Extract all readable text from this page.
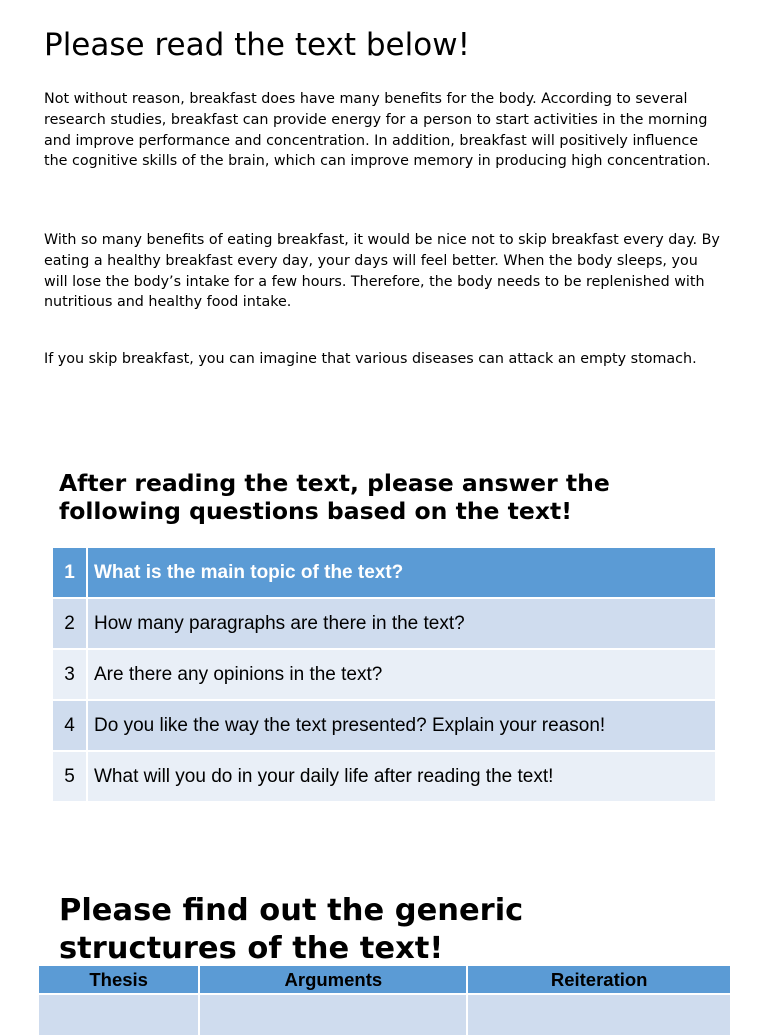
Please read the text below!

Not without reason, breakfast does have many benefits for the body. According to several research studies, breakfast can provide energy for a person to start activities in the morning and improve performance and concentration. In addition, breakfast will positively influence the cognitive skills of the brain, which can improve memory in producing high concentration.

With so many benefits of eating breakfast, it would be nice not to skip breakfast every day. By eating a healthy breakfast every day, your days will feel better. When the body sleeps, you will lose the body’s intake for a few hours. Therefore, the body needs to be replenished with nutritious and healthy food intake.

If you skip breakfast, you can imagine that various diseases can attack an empty stomach.

After reading the text, please answer the following questions based on the text!
1	What is the main topic of the text?
2	How many paragraphs are there in the text?
3	Are there any opinions in the text?
4	Do you like the way the text presented? Explain your reason!
5	What will you do in your daily life after reading the text!
Please find out the generic structures of the text!
Thesis	Arguments	Reiteration
